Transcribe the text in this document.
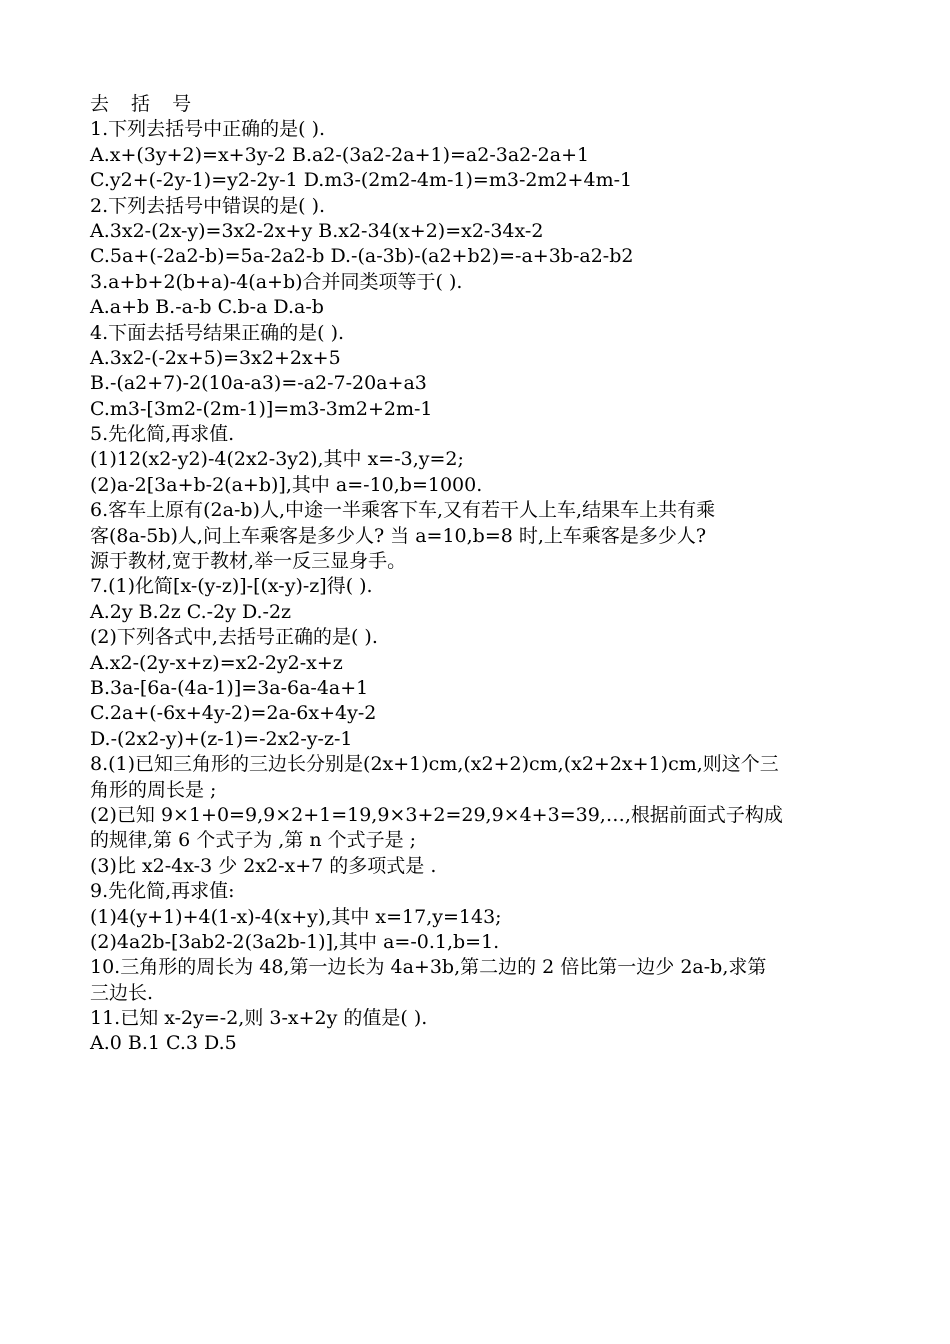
去 括 号
1.下列去括号中正确的是( ).
A.x+(3y+2)=x+3y-2 B.a2-(3a2-2a+1)=a2-3a2-2a+1
C.y2+(-2y-1)=y2-2y-1 D.m3-(2m2-4m-1)=m3-2m2+4m-1
2.下列去括号中错误的是( ).
A.3x2-(2x-y)=3x2-2x+y B.x2-34(x+2)=x2-34x-2
C.5a+(-2a2-b)=5a-2a2-b D.-(a-3b)-(a2+b2)=-a+3b-a2-b2
3.a+b+2(b+a)-4(a+b)合并同类项等于( ).
A.a+b B.-a-b C.b-a D.a-b
4.下面去括号结果正确的是( ).
A.3x2-(-2x+5)=3x2+2x+5
B.-(a2+7)-2(10a-a3)=-a2-7-20a+a3
C.m3-[3m2-(2m-1)]=m3-3m2+2m-1
5.先化简,再求值.
(1)12(x2-y2)-4(2x2-3y2),其中 x=-3,y=2;
(2)a-2[3a+b-2(a+b)],其中 a=-10,b=1000.
6.客车上原有(2a-b)人,中途一半乘客下车,又有若干人上车,结果车上共有乘
客(8a-5b)人,问上车乘客是多少人? 当 a=10,b=8 时,上车乘客是多少人?
源于教材,宽于教材,举一反三显身手。
7.(1)化简[x-(y-z)]-[(x-y)-z]得( ).
A.2y B.2z C.-2y D.-2z
(2)下列各式中,去括号正确的是( ).
A.x2-(2y-x+z)=x2-2y2-x+z
B.3a-[6a-(4a-1)]=3a-6a-4a+1
C.2a+(-6x+4y-2)=2a-6x+4y-2
D.-(2x2-y)+(z-1)=-2x2-y-z-1
8.(1)已知三角形的三边长分别是(2x+1)cm,(x2+2)cm,(x2+2x+1)cm,则这个三
角形的周长是 ;
(2)已知 9×1+0=9,9×2+1=19,9×3+2=29,9×4+3=39,…,根据前面式子构成
的规律,第 6 个式子为 ,第 n 个式子是 ;
(3)比 x2-4x-3 少 2x2-x+7 的多项式是 .
9.先化简,再求值:
(1)4(y+1)+4(1-x)-4(x+y),其中 x=17,y=143;
(2)4a2b-[3ab2-2(3a2b-1)],其中 a=-0.1,b=1.
10.三角形的周长为 48,第一边长为 4a+3b,第二边的 2 倍比第一边少 2a-b,求第
三边长.
11.已知 x-2y=-2,则 3-x+2y 的值是( ).
A.0 B.1 C.3 D.5
